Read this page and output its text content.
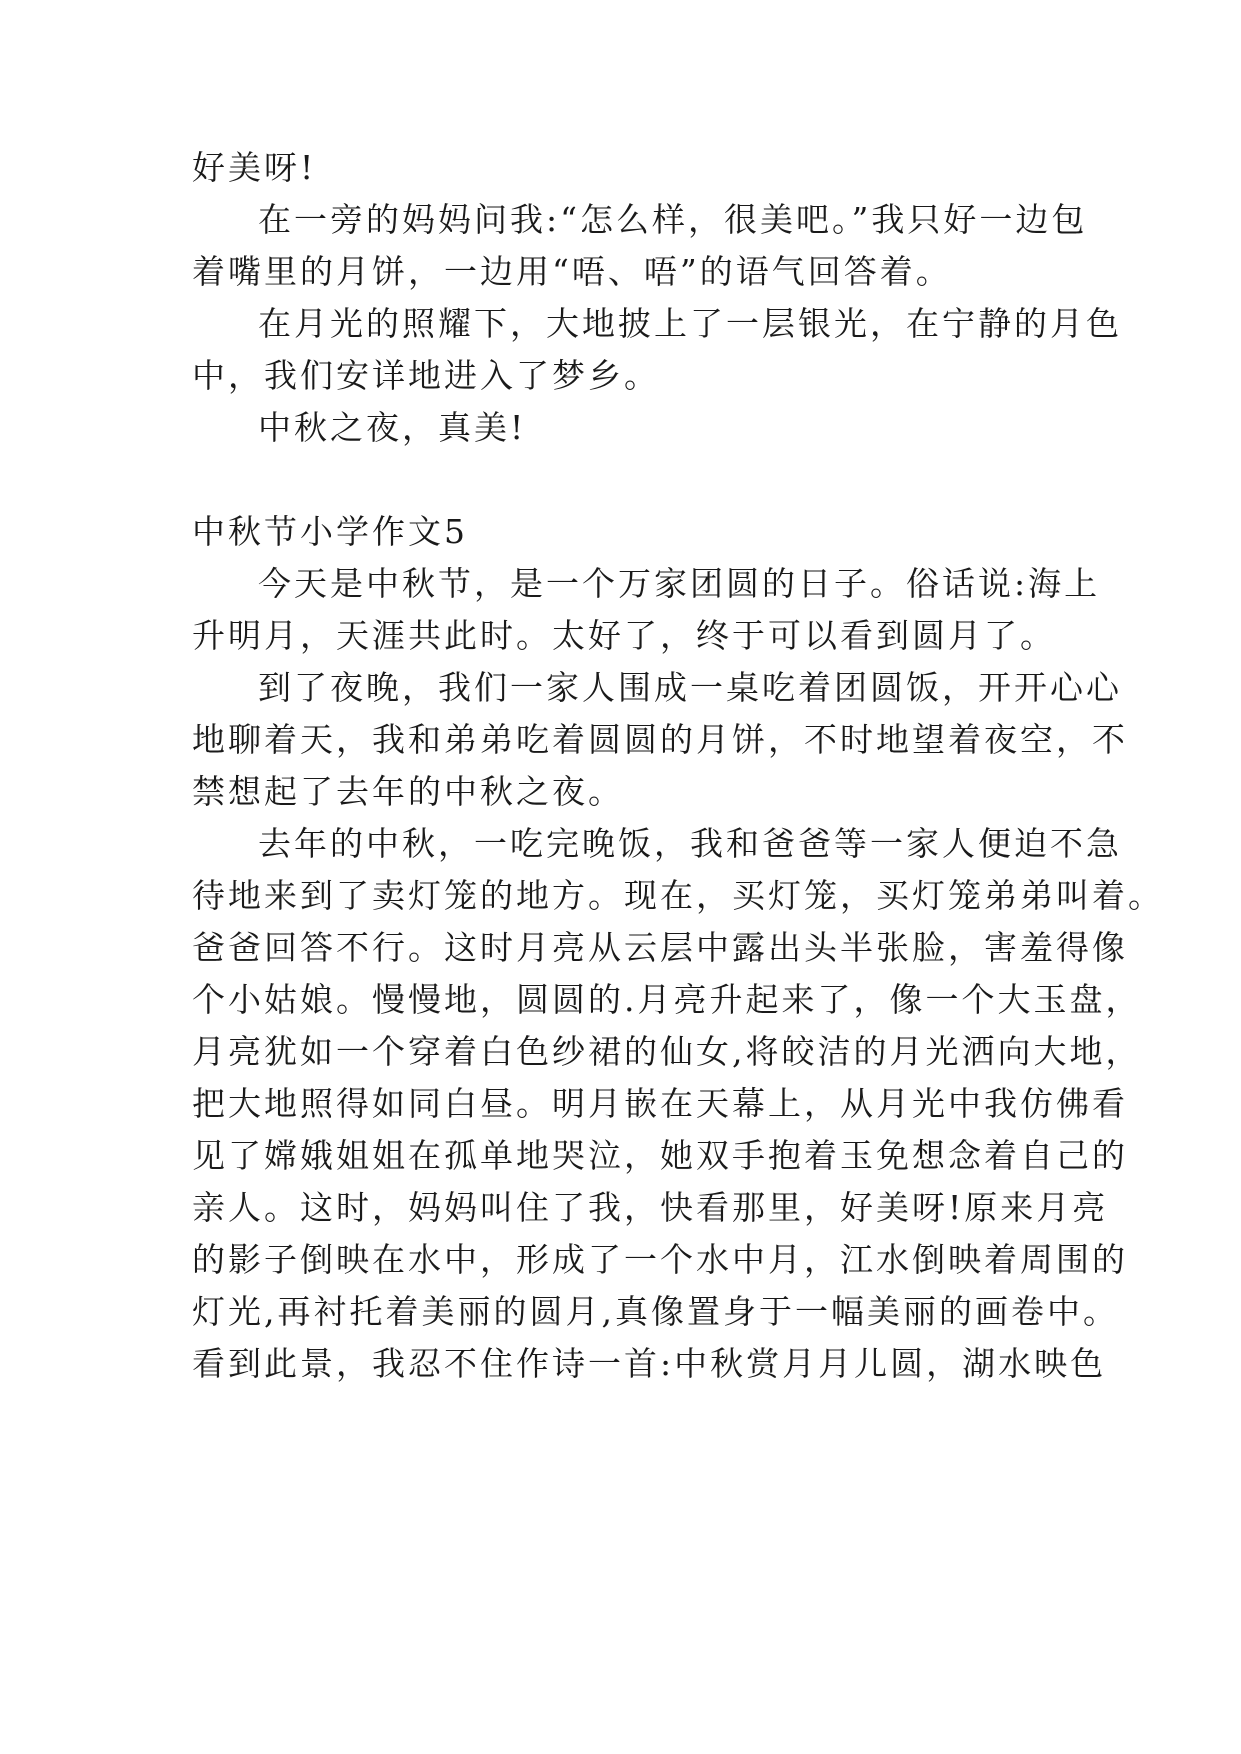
好美呀!
在一旁的妈妈问我:“怎么样，很美吧。”我只好一边包
着嘴里的月饼，一边用“唔、唔”的语气回答着。
在月光的照耀下，大地披上了一层银光，在宁静的月色
中，我们安详地进入了梦乡。
中秋之夜，真美!
中秋节小学作文5
今天是中秋节，是一个万家团圆的日子。俗话说:海上
升明月，天涯共此时。太好了，终于可以看到圆月了。
到了夜晚，我们一家人围成一桌吃着团圆饭，开开心心
地聊着天，我和弟弟吃着圆圆的月饼，不时地望着夜空，不
禁想起了去年的中秋之夜。
去年的中秋，一吃完晚饭，我和爸爸等一家人便迫不急
待地来到了卖灯笼的地方。现在，买灯笼，买灯笼弟弟叫着。
爸爸回答不行。这时月亮从云层中露出头半张脸，害羞得像
个小姑娘。慢慢地，圆圆的.月亮升起来了，像一个大玉盘，
月亮犹如一个穿着白色纱裙的仙女,将皎洁的月光洒向大地，
把大地照得如同白昼。明月嵌在天幕上，从月光中我仿佛看
见了嫦娥姐姐在孤单地哭泣，她双手抱着玉免想念着自己的
亲人。这时，妈妈叫住了我，快看那里，好美呀!原来月亮
的影子倒映在水中，形成了一个水中月，江水倒映着周围的
灯光,再衬托着美丽的圆月,真像置身于一幅美丽的画卷中。
看到此景，我忍不住作诗一首:中秋赏月月儿圆，湖水映色
